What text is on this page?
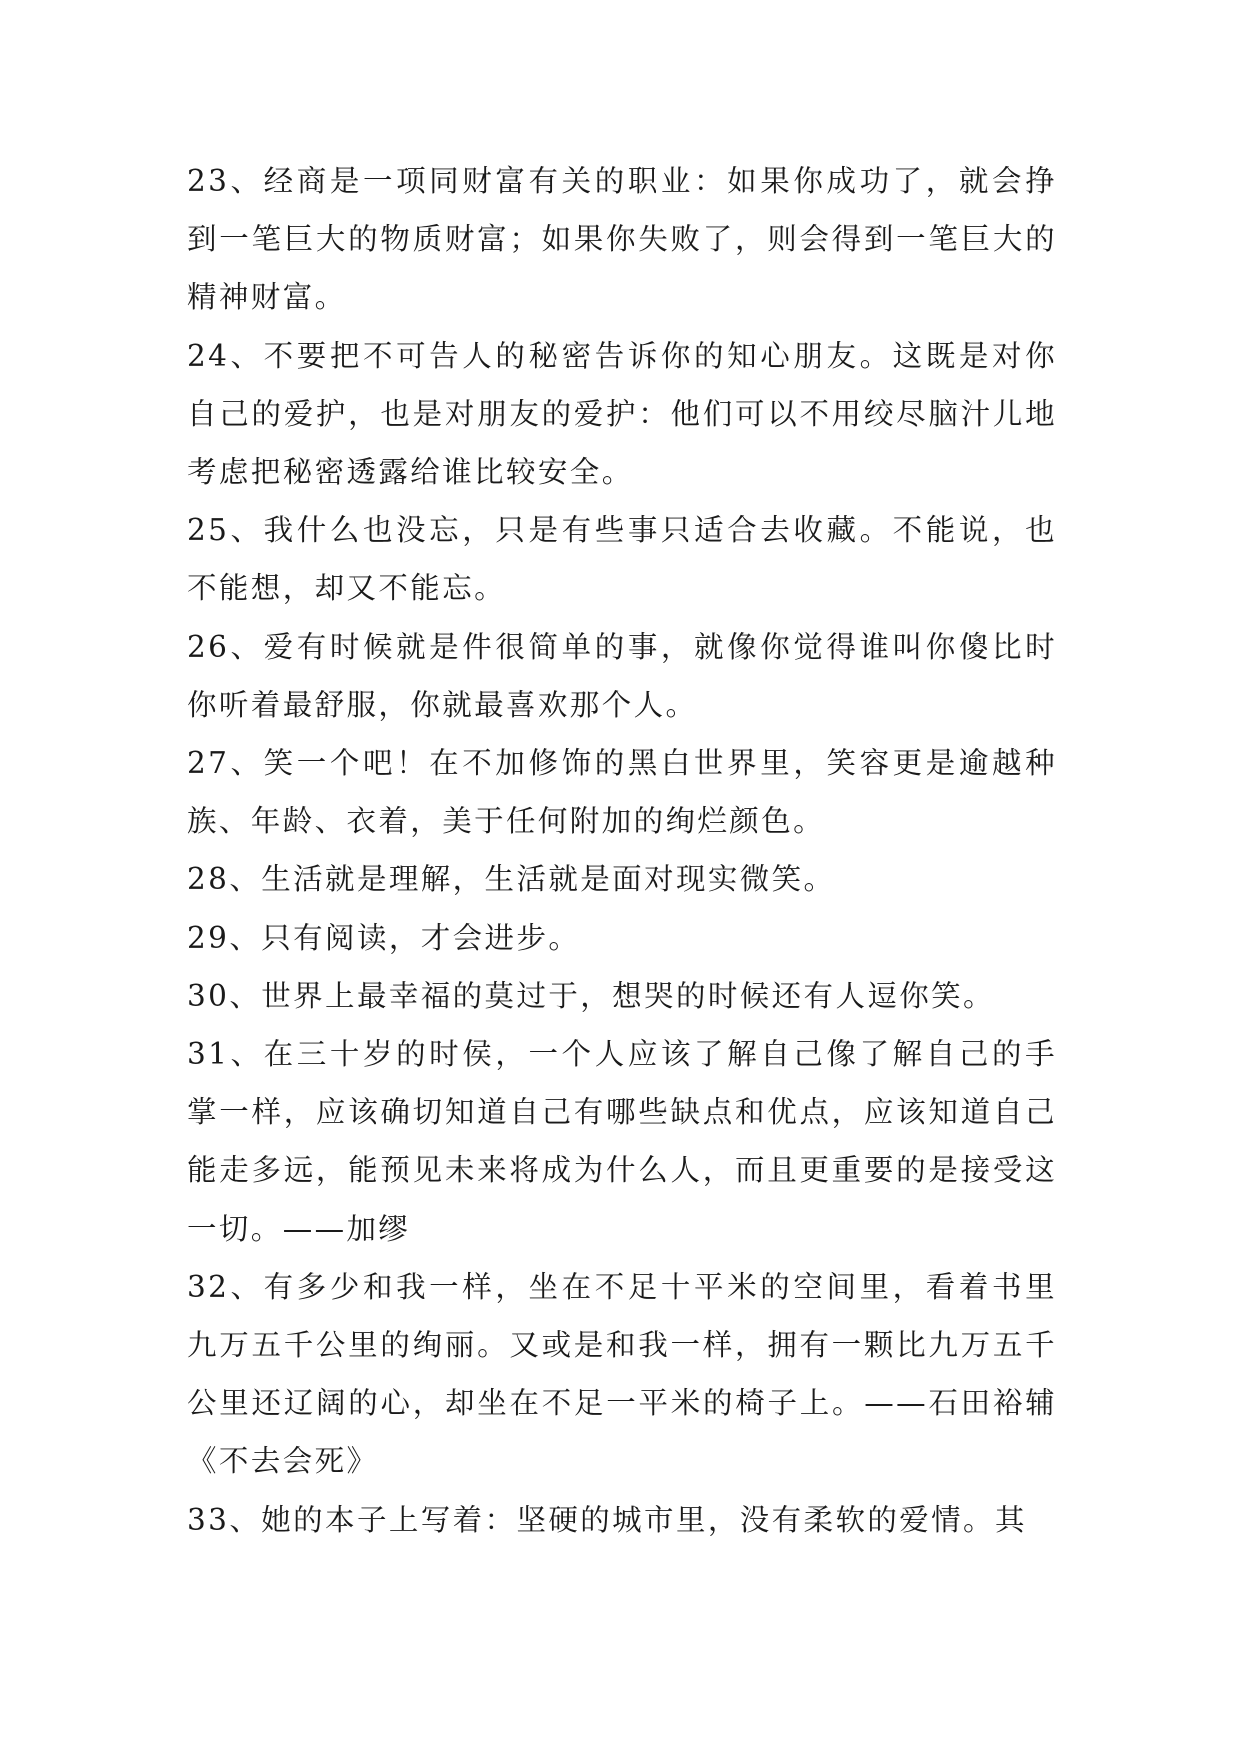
23、经商是一项同财富有关的职业：如果你成功了，就会挣到一笔巨大的物质财富；如果你失败了，则会得到一笔巨大的精神财富。

24、不要把不可告人的秘密告诉你的知心朋友。这既是对你自己的爱护，也是对朋友的爱护：他们可以不用绞尽脑汁儿地考虑把秘密透露给谁比较安全。

25、我什么也没忘，只是有些事只适合去收藏。不能说，也不能想，却又不能忘。

26、爱有时候就是件很简单的事，就像你觉得谁叫你傻比时你听着最舒服，你就最喜欢那个人。

27、笑一个吧！在不加修饰的黑白世界里，笑容更是逾越种族、年龄、衣着，美于任何附加的绚烂颜色。

28、生活就是理解，生活就是面对现实微笑。

29、只有阅读，才会进步。

30、世界上最幸福的莫过于，想哭的时候还有人逗你笑。

31、在三十岁的时侯，一个人应该了解自己像了解自己的手掌一样，应该确切知道自己有哪些缺点和优点，应该知道自己能走多远，能预见未来将成为什么人，而且更重要的是接受这一切。——加缪

32、有多少和我一样，坐在不足十平米的空间里，看着书里九万五千公里的绚丽。又或是和我一样，拥有一颗比九万五千公里还辽阔的心，却坐在不足一平米的椅子上。——石田裕辅《不去会死》

33、她的本子上写着：坚硬的城市里，没有柔软的爱情。其
